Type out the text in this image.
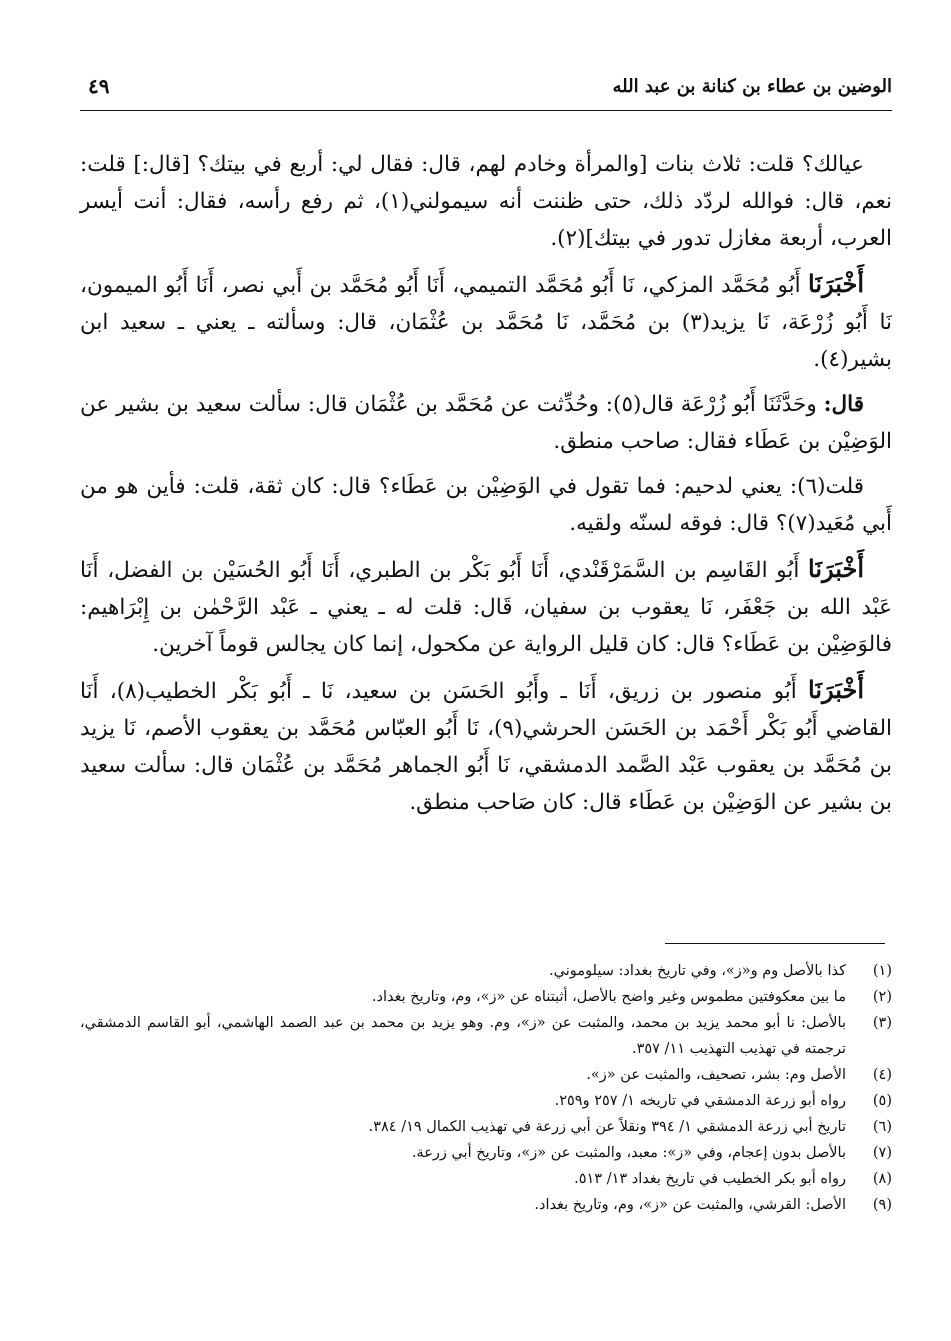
الوضين بن عطاء بن كنانة بن عبد الله
٤٩

عيالك؟ قلت: ثلاث بنات [والمرأة وخادم لهم، قال: فقال لي: أربع في بيتك؟ [قال:] قلت: نعم، قال: فوالله لردّد ذلك، حتى ظننت أنه سيمولني(١)، ثم رفع رأسه، فقال: أنت أيسر العرب، أربعة مغازل تدور في بيتك](٢).

أَخْبَرَنَا أَبُو مُحَمَّد المزكي، نَا أَبُو مُحَمَّد التميمي، أَنَا أَبُو مُحَمَّد بن أَبي نصر، أَنَا أَبُو الميمون، نَا أَبُو زُرْعَة، نَا يزيد(٣) بن مُحَمَّد، نَا مُحَمَّد بن عُثْمَان، قال: وسألته ـ يعني ـ سعيد ابن بشير(٤).

قال: وحَدَّثَنَا أَبُو زُرْعَة قال(٥): وحُدِّثت عن مُحَمَّد بن عُثْمَان قال: سألت سعيد بن بشير عن الوَضِيْن بن عَطَاء فقال: صاحب منطق.

قلت(٦): يعني لدحيم: فما تقول في الوَضِيْن بن عَطَاء؟ قال: كان ثقة، قلت: فأين هو من أَبي مُعَيد(٧)؟ قال: فوقه لسنّه ولقيه.

أَخْبَرَنَا أَبُو القَاسِم بن السَّمَرْقَنْدي، أَنَا أَبُو بَكْر بن الطبري، أَنَا أَبُو الحُسَيْن بن الفضل، أَنَا عَبْد الله بن جَعْفَر، نَا يعقوب بن سفيان، قَال: قلت له ـ يعني ـ عَبْد الرَّحْمٰن بن إِبْرَاهيم: فالوَضِيْن بن عَطَاء؟ قال: كان قليل الرواية عن مكحول، إنما كان يجالس قوماً آخرين.

أَخْبَرَنَا أَبُو منصور بن زريق، أَنَا ـ وأَبُو الحَسَن بن سعيد، نَا ـ أَبُو بَكْر الخطيب(٨)، أَنَا القاضي أَبُو بَكْر أَحْمَد بن الحَسَن الحرشي(٩)، نَا أَبُو العبّاس مُحَمَّد بن يعقوب الأصم، نَا يزيد بن مُحَمَّد بن يعقوب عَبْد الصَّمد الدمشقي، نَا أَبُو الجماهر مُحَمَّد بن عُثْمَان قال: سألت سعيد بن بشير عن الوَضِيْن بن عَطَاء قال: كان صَاحب منطق.

(١)
كذا بالأصل وم و«ز»، وفي تاريخ بغداد: سيلوموني.
(٢)
ما بين معكوفتين مطموس وغير واضح بالأصل، أثبتناه عن «ز»، وم، وتاريخ بغداد.
(٣)
بالأصل: نا أبو محمد يزيد بن محمد، والمثبت عن «ز»، وم. وهو يزيد بن محمد بن عبد الصمد الهاشمي، أبو القاسم الدمشقي، ترجمته في تهذيب التهذيب ١١/ ٣٥٧.
(٤)
الأصل وم: بشر، تصحيف، والمثبت عن «ز».
(٥)
رواه أبو زرعة الدمشقي في تاريخه ١/ ٢٥٧ و٢٥٩.
(٦)
تاريخ أبي زرعة الدمشقي ١/ ٣٩٤ ونقلاً عن أبي زرعة في تهذيب الكمال ١٩/ ٣٨٤.
(٧)
بالأصل بدون إعجام، وفي «ز»: معبد، والمثبت عن «ز»، وتاريخ أبي زرعة.
(٨)
رواه أبو بكر الخطيب في تاريخ بغداد ١٣/ ٥١٣.
(٩)
الأصل: القرشي، والمثبت عن «ز»، وم، وتاريخ بغداد.
